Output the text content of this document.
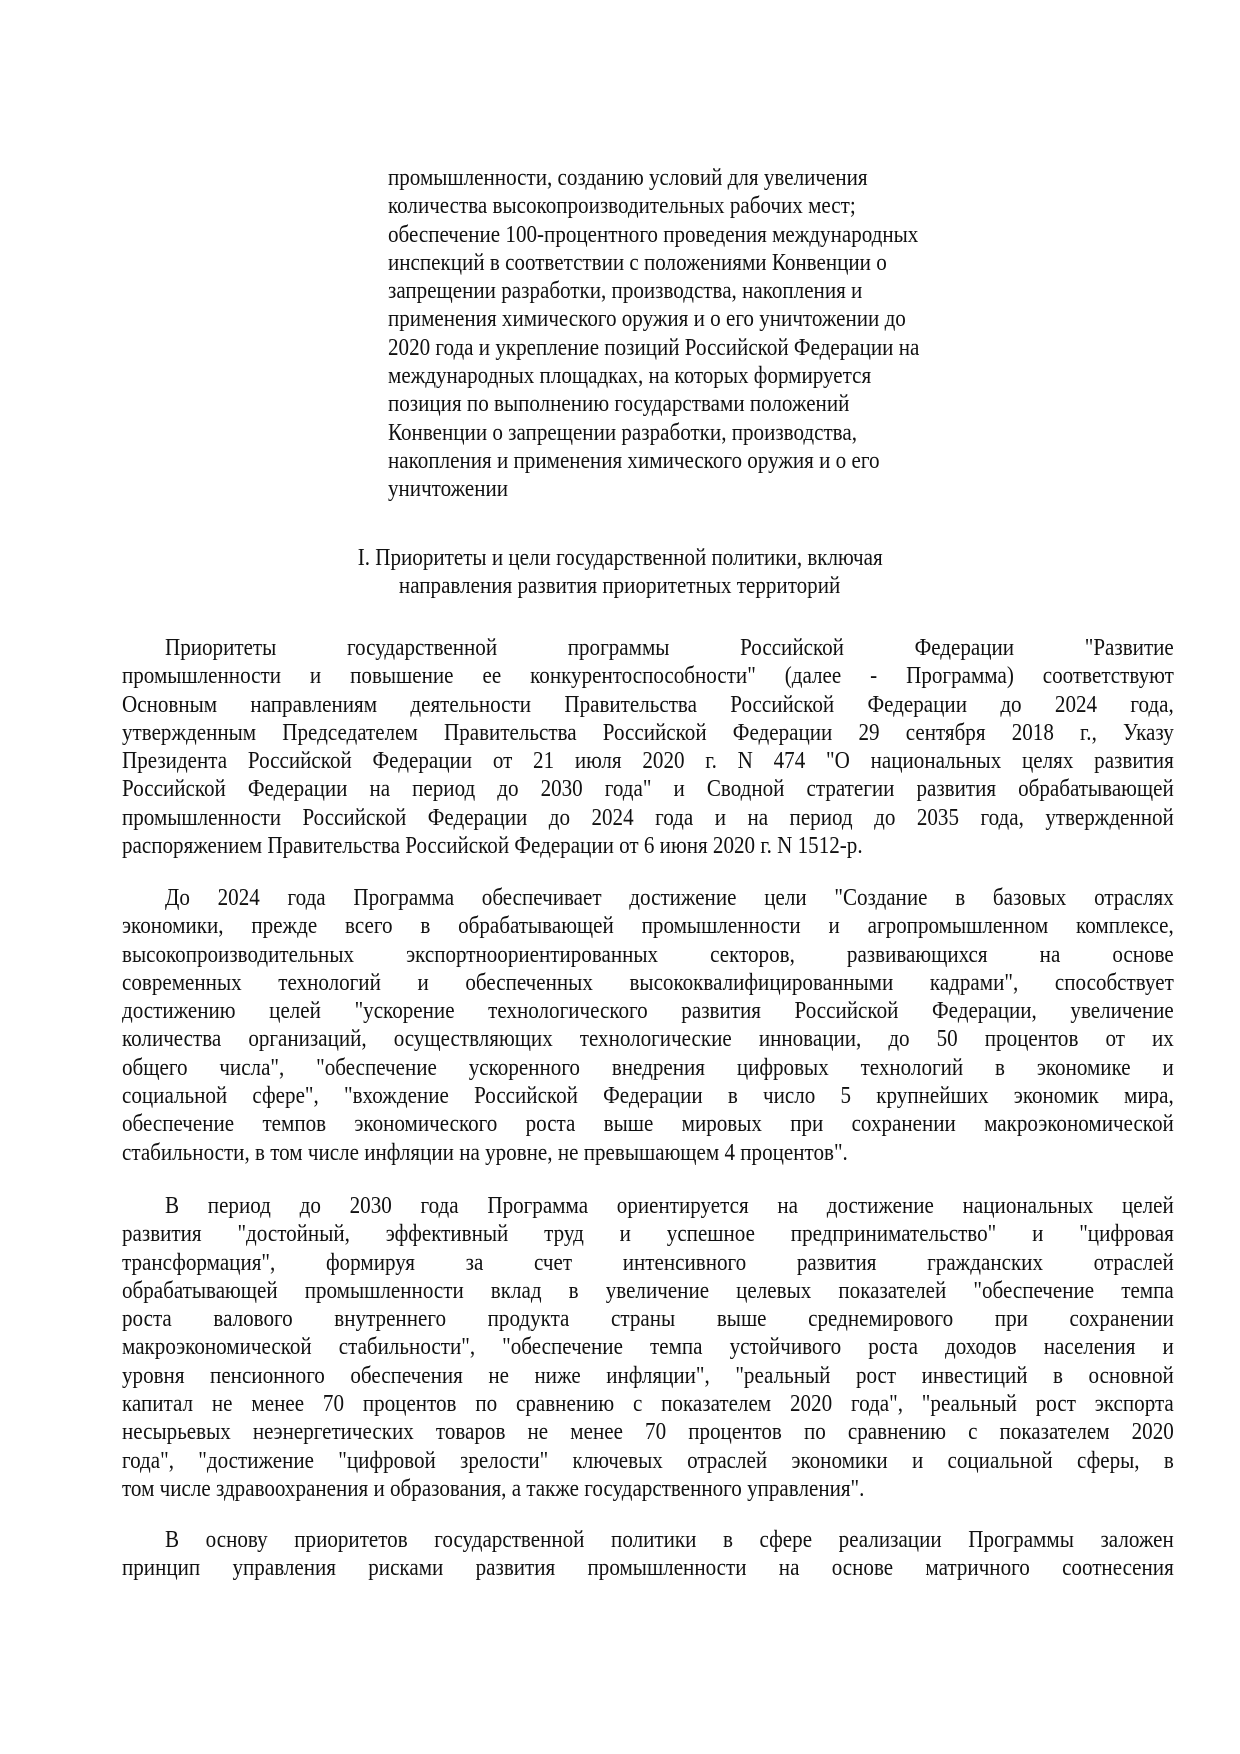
промышленности, созданию условий для увеличения
количества высокопроизводительных рабочих мест;
обеспечение 100-процентного проведения международных
инспекций в соответствии с положениями Конвенции о
запрещении разработки, производства, накопления и
применения химического оружия и о его уничтожении до
2020 года и укрепление позиций Российской Федерации на
международных площадках, на которых формируется
позиция по выполнению государствами положений
Конвенции о запрещении разработки, производства,
накопления и применения химического оружия и о его
уничтожении
I. Приоритеты и цели государственной политики, включая
направления развития приоритетных территорий
Приоритеты государственной программы Российской Федерации "Развитие
промышленности и повышение ее конкурентоспособности" (далее - Программа) соответствуют
Основным направлениям деятельности Правительства Российской Федерации до 2024 года,
утвержденным Председателем Правительства Российской Федерации 29 сентября 2018 г., Указу
Президента Российской Федерации от 21 июля 2020 г. N 474 "О национальных целях развития
Российской Федерации на период до 2030 года" и Сводной стратегии развития обрабатывающей
промышленности Российской Федерации до 2024 года и на период до 2035 года, утвержденной
распоряжением Правительства Российской Федерации от 6 июня 2020 г. N 1512-р.
До 2024 года Программа обеспечивает достижение цели "Создание в базовых отраслях
экономики, прежде всего в обрабатывающей промышленности и агропромышленном комплексе,
высокопроизводительных экспортноориентированных секторов, развивающихся на основе
современных технологий и обеспеченных высококвалифицированными кадрами", способствует
достижению целей "ускорение технологического развития Российской Федерации, увеличение
количества организаций, осуществляющих технологические инновации, до 50 процентов от их
общего числа", "обеспечение ускоренного внедрения цифровых технологий в экономике и
социальной сфере", "вхождение Российской Федерации в число 5 крупнейших экономик мира,
обеспечение темпов экономического роста выше мировых при сохранении макроэкономической
стабильности, в том числе инфляции на уровне, не превышающем 4 процентов".
В период до 2030 года Программа ориентируется на достижение национальных целей
развития "достойный, эффективный труд и успешное предпринимательство" и "цифровая
трансформация", формируя за счет интенсивного развития гражданских отраслей
обрабатывающей промышленности вклад в увеличение целевых показателей "обеспечение темпа
роста валового внутреннего продукта страны выше среднемирового при сохранении
макроэкономической стабильности", "обеспечение темпа устойчивого роста доходов населения и
уровня пенсионного обеспечения не ниже инфляции", "реальный рост инвестиций в основной
капитал не менее 70 процентов по сравнению с показателем 2020 года", "реальный рост экспорта
несырьевых неэнергетических товаров не менее 70 процентов по сравнению с показателем 2020
года", "достижение "цифровой зрелости" ключевых отраслей экономики и социальной сферы, в
том числе здравоохранения и образования, а также государственного управления".
В основу приоритетов государственной политики в сфере реализации Программы заложен
принцип управления рисками развития промышленности на основе матричного соотнесения
